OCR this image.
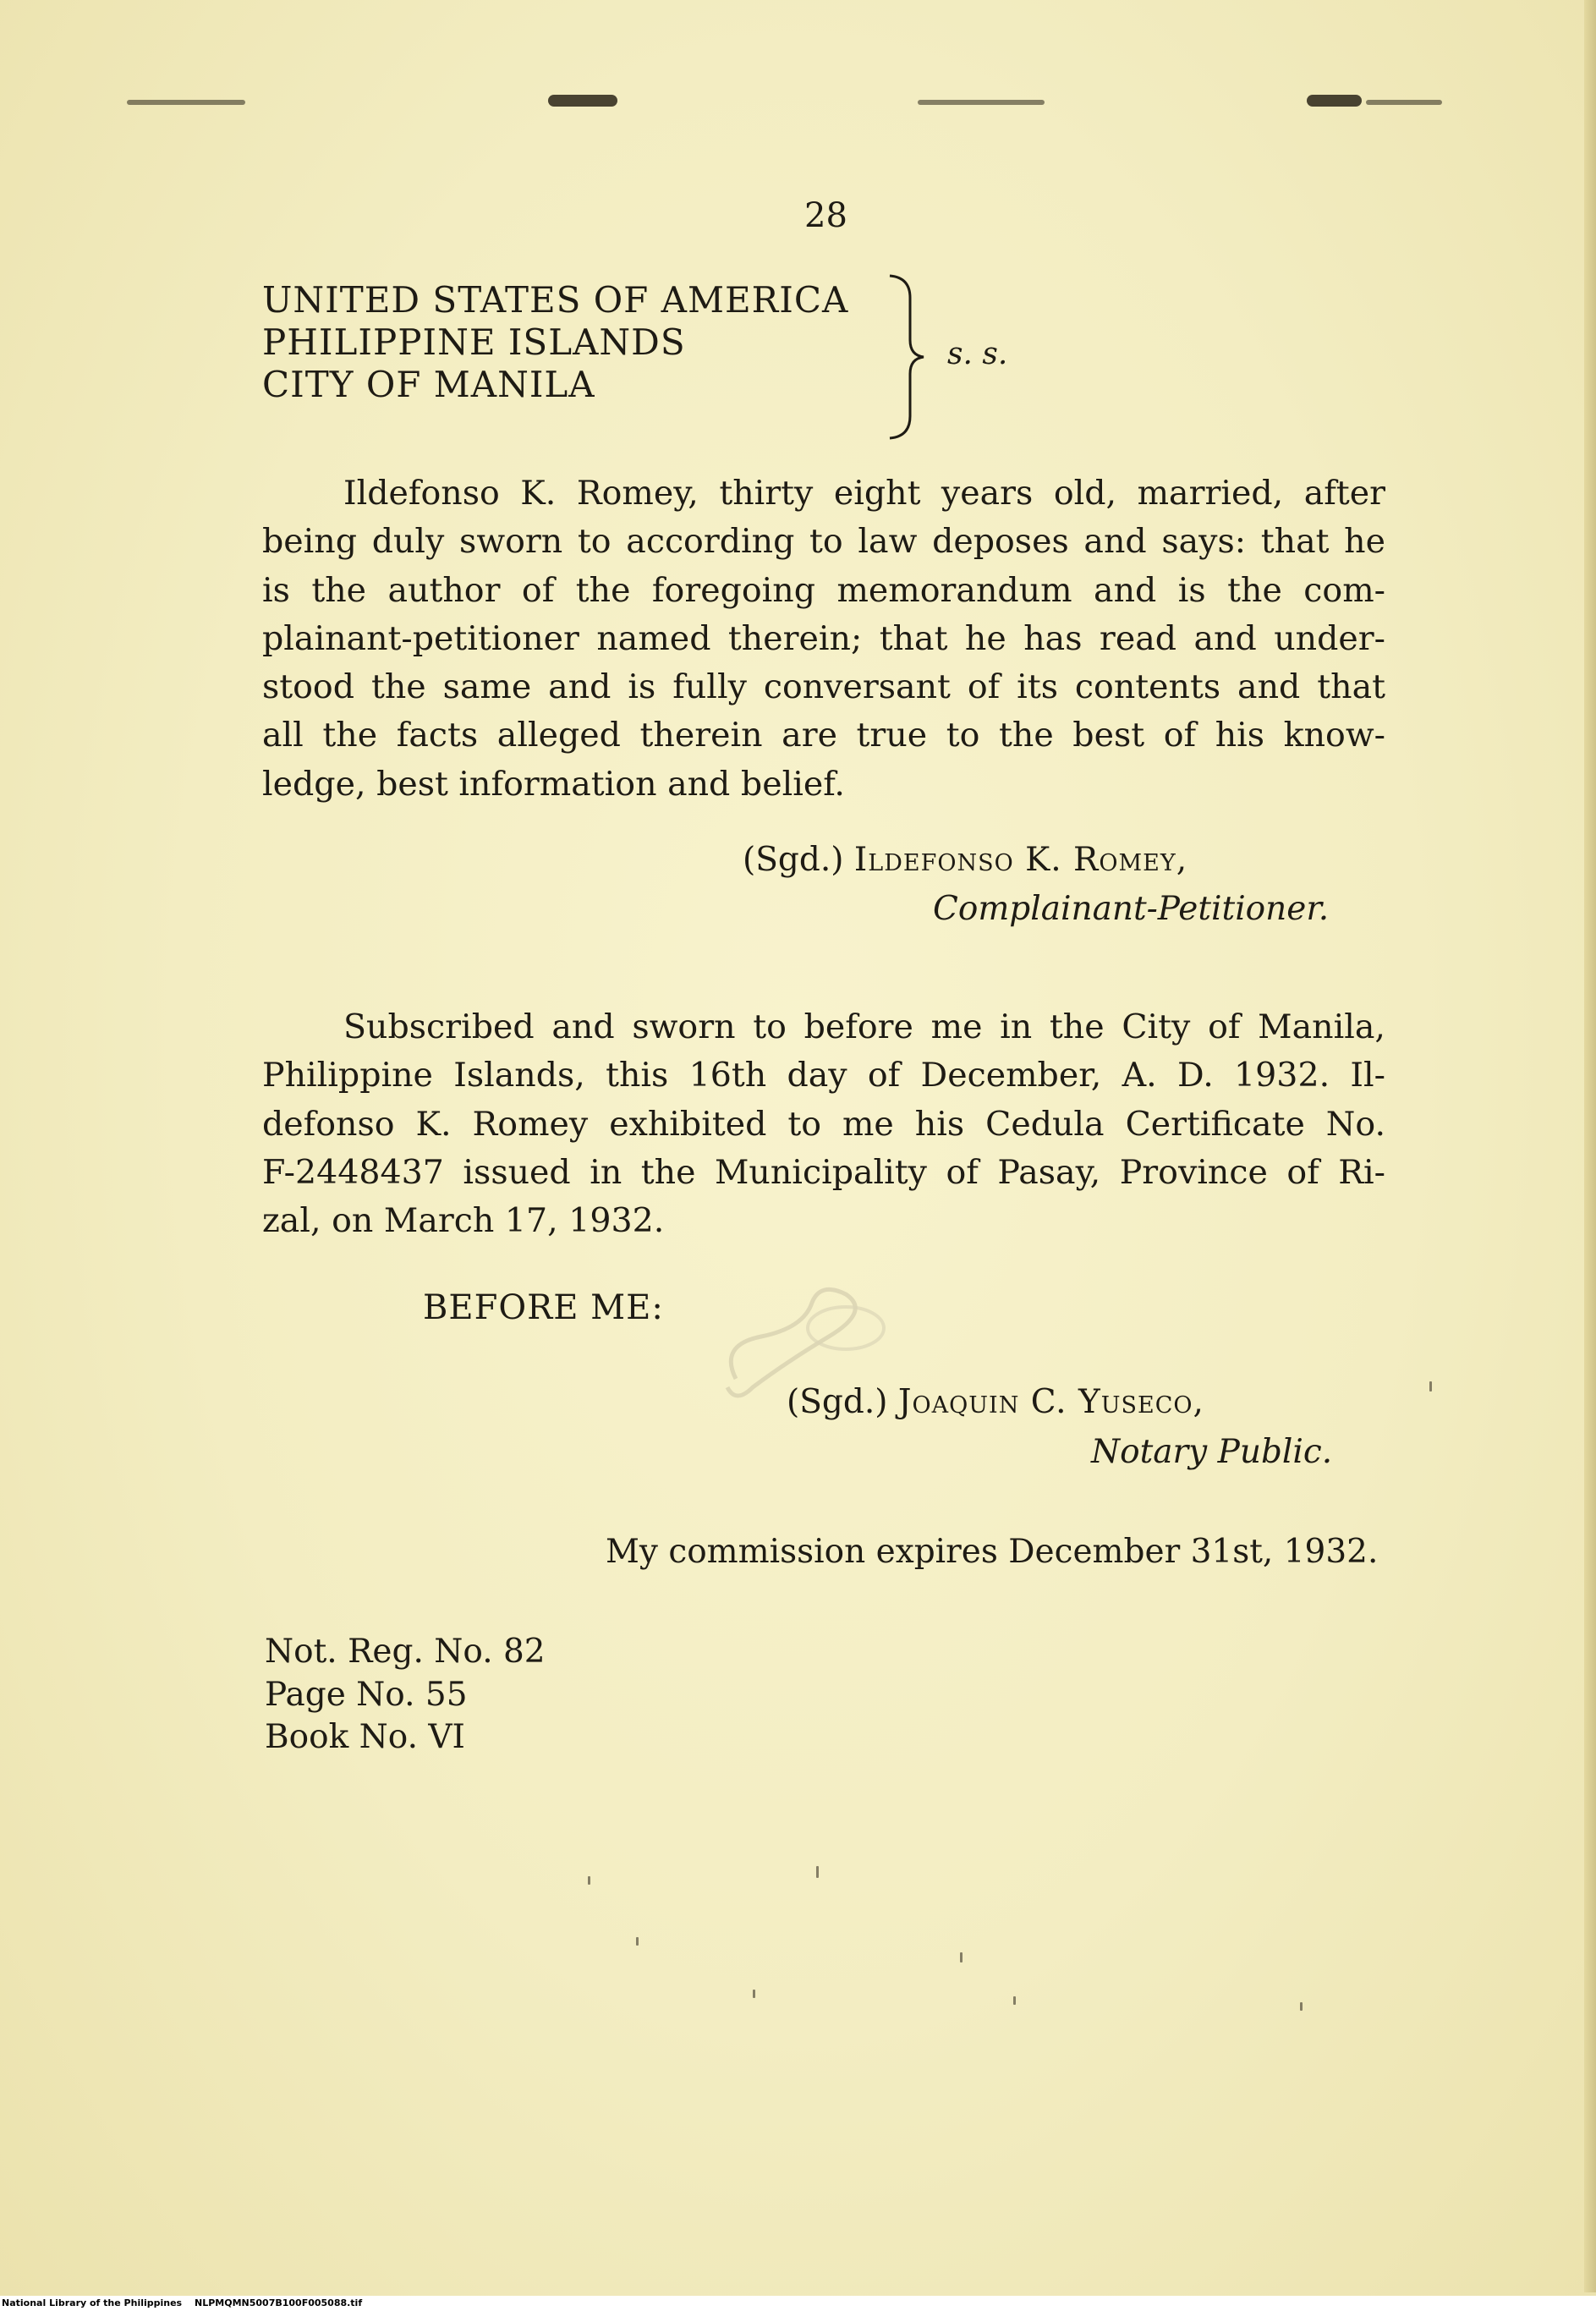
28
UNITED STATES OF AMERICA
PHILIPPINE ISLANDS
CITY OF MANILA
s. s.
Ildefonso K. Romey, thirty eight years old, married, after
being duly sworn to according to law deposes and says: that he
is the author of the foregoing memorandum and is the com-
plainant-petitioner named therein; that he has read and under-
stood the same and is fully conversant of its contents and that
all the facts alleged therein are true to the best of his know-
ledge, best information and belief.
(Sgd.) Ildefonso K. Romey,
Complainant-Petitioner.
Subscribed and sworn to before me in the City of Manila,
Philippine Islands, this 16th day of December, A. D. 1932. Il-
defonso K. Romey exhibited to me his Cedula Certificate No.
F-2448437 issued in the Municipality of Pasay, Province of Ri-
zal, on March 17, 1932.
BEFORE ME:
(Sgd.) Joaquin C. Yuseco,
Notary Public.
My commission expires December 31st, 1932.
Not. Reg. No. 82
Page No. 55
Book No. VI
National Library of the Philippines NLPMQMN5007B100F005088.tif
